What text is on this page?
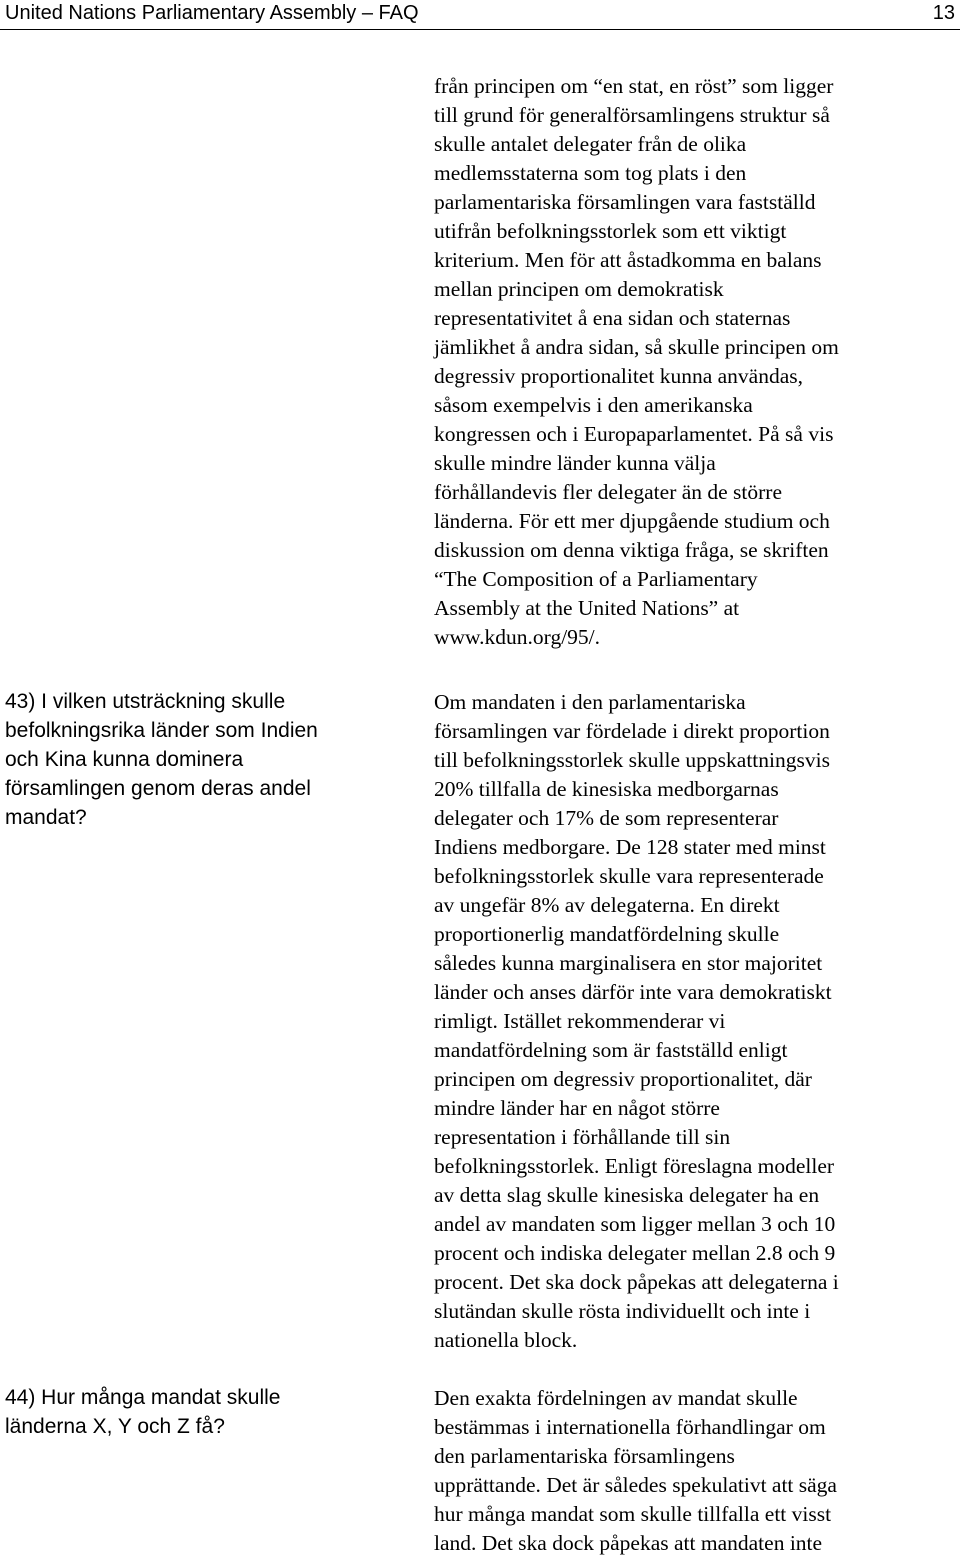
United Nations Parliamentary Assembly – FAQ	13
från principen om “en stat, en röst” som ligger
till grund för generalförsamlingens struktur så
skulle antalet delegater från de olika
medlemsstaterna som tog plats i den
parlamentariska församlingen vara fastställd
utifrån befolkningsstorlek som ett viktigt
kriterium. Men för att åstadkomma en balans
mellan principen om demokratisk
representativitet å ena sidan och staternas
jämlikhet å andra sidan, så skulle principen om
degressiv proportionalitet kunna användas,
såsom exempelvis i den amerikanska
kongressen och i Europaparlamentet. På så vis
skulle mindre länder kunna välja
förhållandevis fler delegater än de större
länderna. För ett mer djupgående studium och
diskussion om denna viktiga fråga, se skriften
“The Composition of a Parliamentary
Assembly at the United Nations” at
www.kdun.org/95/.
43) I vilken utsträckning skulle
befolkningsrika länder som Indien
och Kina kunna dominera
församlingen genom deras andel
mandat?
Om mandaten i den parlamentariska
församlingen var fördelade i direkt proportion
till befolkningsstorlek skulle uppskattningsvis
20% tillfalla de kinesiska medborgarnas
delegater och 17% de som representerar
Indiens medborgare. De 128 stater med minst
befolkningsstorlek skulle vara representerade
av ungefär 8% av delegaterna. En direkt
proportionerlig mandatfördelning skulle
således kunna marginalisera en stor majoritet
länder och anses därför inte vara demokratiskt
rimligt. Istället rekommenderar vi
mandatfördelning som är fastställd enligt
principen om degressiv proportionalitet, där
mindre länder har en något större
representation i förhållande till sin
befolkningsstorlek. Enligt föreslagna modeller
av detta slag skulle kinesiska delegater ha en
andel av mandaten som ligger mellan 3 och 10
procent och indiska delegater mellan 2.8 och 9
procent. Det ska dock påpekas att delegaterna i
slutändan skulle rösta individuellt och inte i
nationella block.
44) Hur många mandat skulle
länderna X, Y och Z få?
Den exakta fördelningen av mandat skulle
bestämmas i internationella förhandlingar om
den parlamentariska församlingens
upprättande. Det är således spekulativt att säga
hur många mandat som skulle tillfalla ett visst
land. Det ska dock påpekas att mandaten inte
